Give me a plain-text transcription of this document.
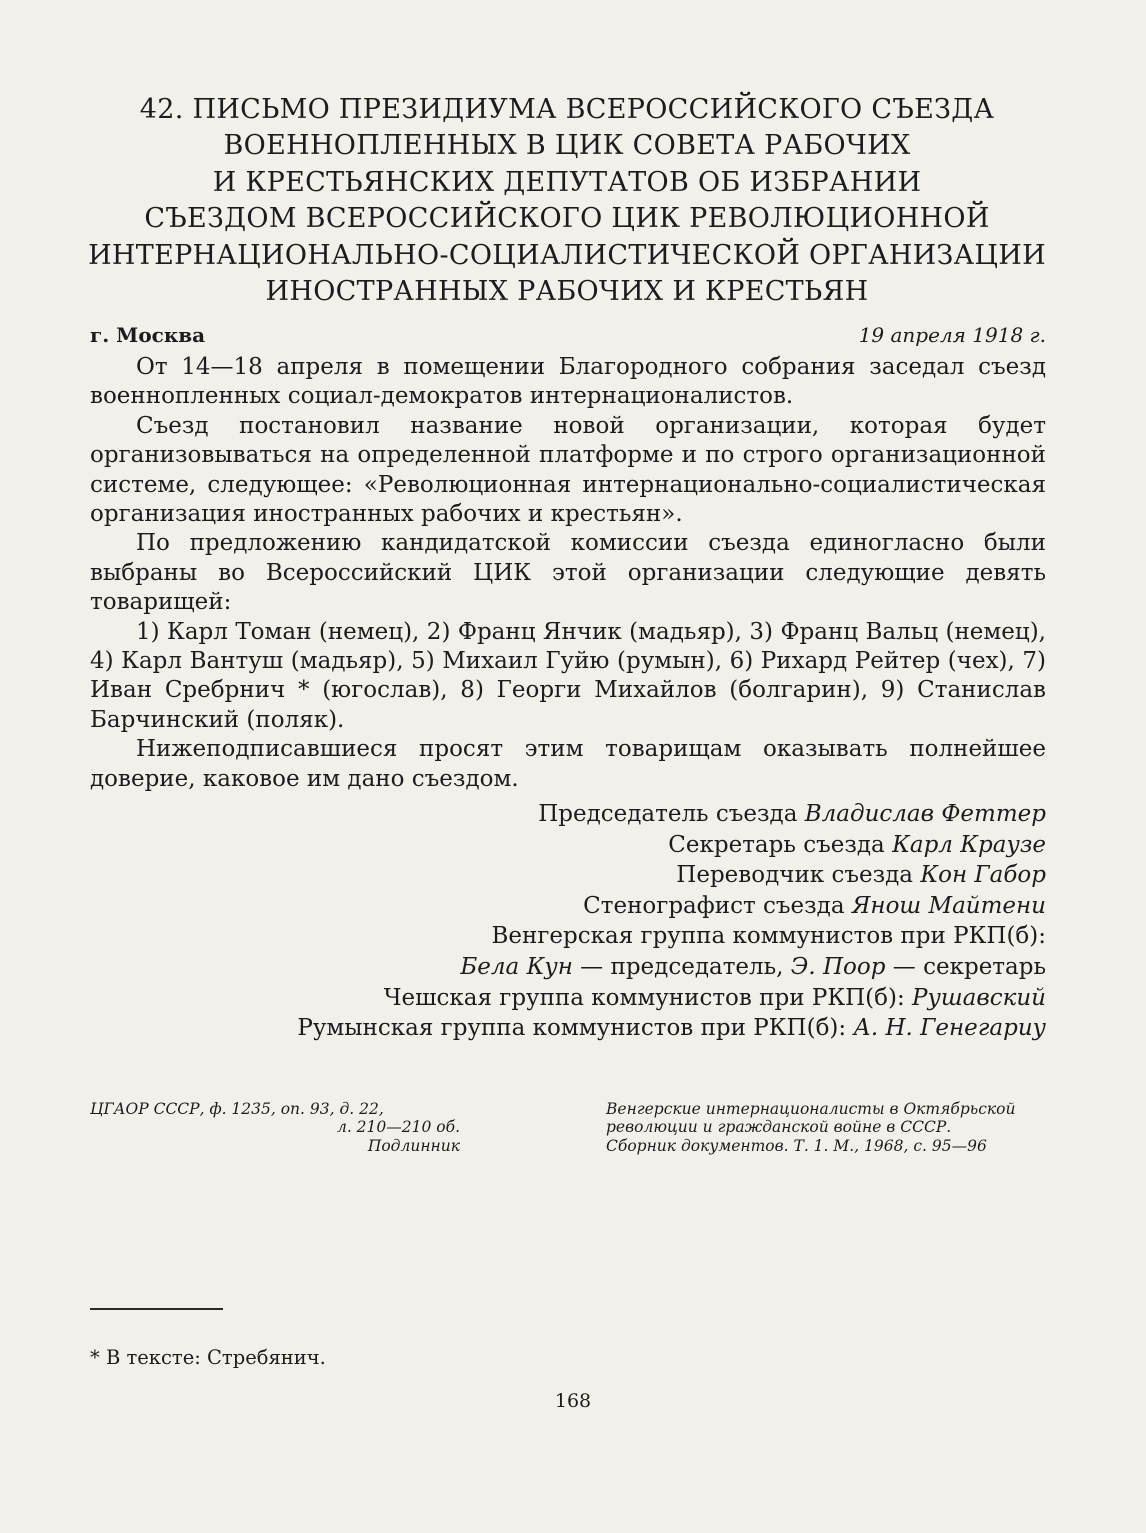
42. ПИСЬМО ПРЕЗИДИУМА ВСЕРОССИЙСКОГО СЪЕЗДА
ВОЕННОПЛЕННЫХ В ЦИК СОВЕТА РАБОЧИХ
И КРЕСТЬЯНСКИХ ДЕПУТАТОВ ОБ ИЗБРАНИИ
СЪЕЗДОМ ВСЕРОССИЙСКОГО ЦИК РЕВОЛЮЦИОННОЙ
ИНТЕРНАЦИОНАЛЬНО-СОЦИАЛИСТИЧЕСКОЙ ОРГАНИЗАЦИИ
ИНОСТРАННЫХ РАБОЧИХ И КРЕСТЬЯН
г. Москва	19 апреля 1918 г.

От 14—18 апреля в помещении Благородного собрания заседал съезд военнопленных социал-демократов интернационалистов.

Съезд постановил название новой организации, которая будет организовываться на определенной платформе и по строго организационной системе, следующее: «Революционная интернационально-социалистическая организация иностранных рабочих и крестьян».

По предложению кандидатской комиссии съезда единогласно были выбраны во Всероссийский ЦИК этой организации следующие девять товарищей:

1) Карл Томан (немец), 2) Франц Янчик (мадьяр), 3) Франц Вальц (немец), 4) Карл Вантуш (мадьяр), 5) Михаил Гуйю (румын), 6) Рихард Рейтер (чех), 7) Иван Сребрнич * (югослав), 8) Георги Михайлов (болгарин), 9) Станислав Барчинский (поляк).

Нижеподписавшиеся просят этим товарищам оказывать полнейшее доверие, каковое им дано съездом.

Председатель съезда Владислав Феттер
Секретарь съезда Карл Краузе
Переводчик съезда Кон Габор
Стенографист съезда Янош Майтени
Венгерская группа коммунистов при РКП(б):
Бела Кун — председатель, Э. Поор — секретарь
Чешская группа коммунистов при РКП(б): Рушавский
Румынская группа коммунистов при РКП(б): А. Н. Генегариу
ЦГАОР СССР, ф. 1235, оп. 93, д. 22,
л. 210—210 об.
Подлинник
Венгерские интернационалисты в Октябрьской
революции и гражданской войне в СССР.
Сборник документов. Т. 1. М., 1968, с. 95—96
* В тексте: Стребянич.
168
